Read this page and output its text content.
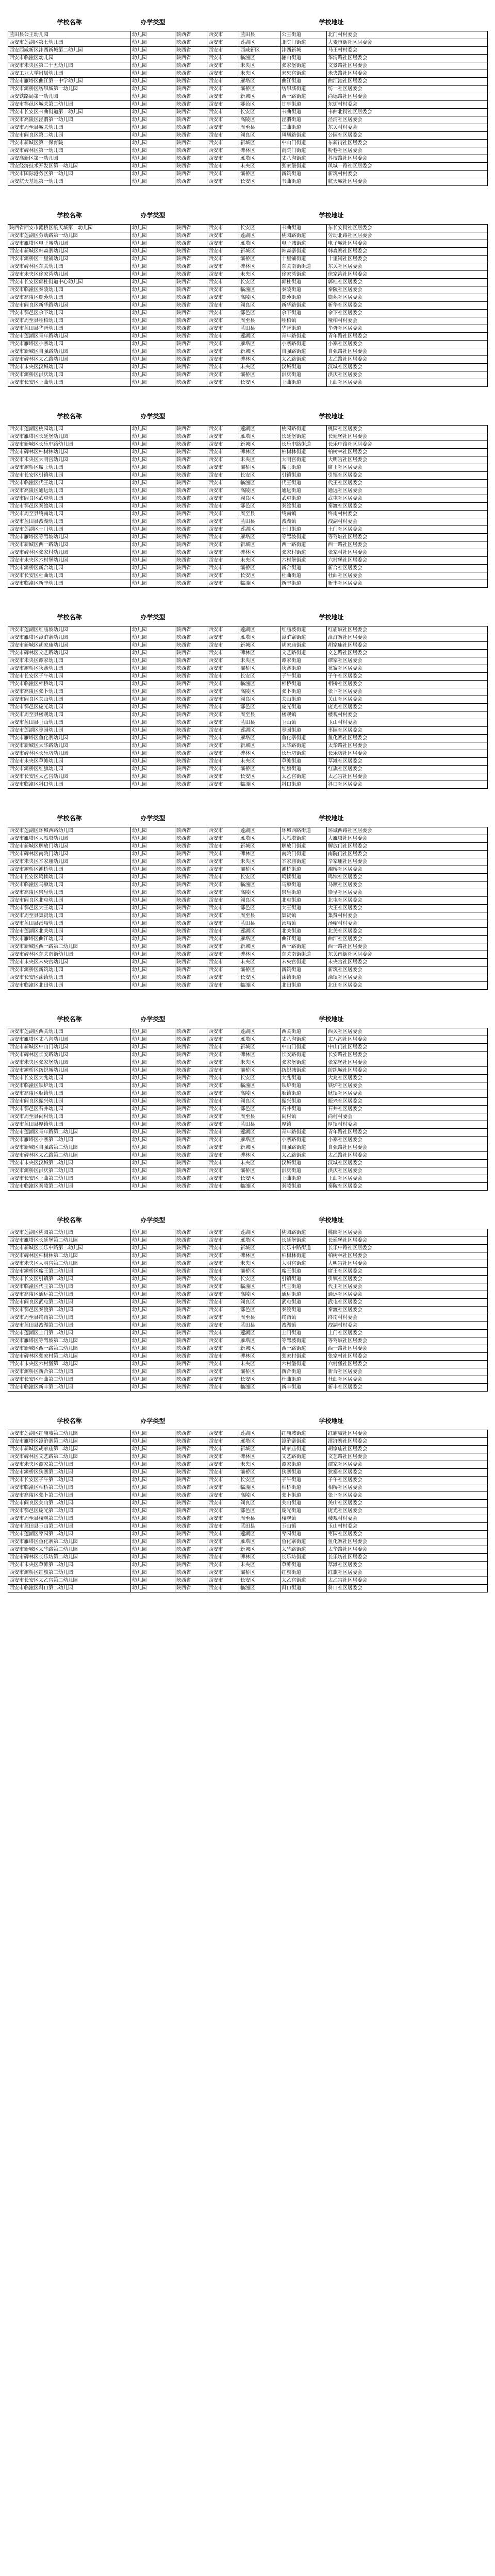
学校名称	办学类型	学校地址				
蓝田县公王幼儿园	幼儿园	陕西省	西安市	蓝田县	公王街道	北门村村委会
西安市莲湖区第七幼儿园	幼儿园	陕西省	西安市	莲湖区	北院门街道	大麦市街社区居委会
西安西咸新区沣西新城第二幼儿园	幼儿园	陕西省	西安市	西咸新区	沣西新城	马王村村委会
西安市临潼区幼儿园	幼儿园	陕西省	西安市	临潼区	骊山街道	华清路社区居委会
西安市未央区第二十五幼儿园	幼儿园	陕西省	西安市	未央区	张家堡街道	文景路社区居委会
西安工业大学附属幼儿园	幼儿园	陕西省	西安市	未央区	未央宫街道	未央路社区居委会
西安市雁塔区曲江第一中学幼儿园	幼儿园	陕西省	西安市	雁塔区	曲江街道	曲江池社区居委会
西安市灞桥区纺织城第一幼儿园	幼儿园	陕西省	西安市	灞桥区	纺织城街道	纺一社区居委会
西安铁路局第一幼儿园	幼儿园	陕西省	西安市	新城区	西一路街道	尚德路社区居委会
西安市鄠邑区城关第二幼儿园	幼儿园	陕西省	西安市	鄠邑区	甘亭街道	东街村村委会
西安市长安区韦曲街道第一幼儿园	幼儿园	陕西省	西安市	长安区	韦曲街道	韦曲北街社区居委会
西安市高陵区泾渭第一幼儿园	幼儿园	陕西省	西安市	高陵区	泾渭街道	泾渭社区居委会
西安市周至县城关幼儿园	幼儿园	陕西省	西安市	周至县	二曲街道	东关村村委会
西安市阎良区第二幼儿园	幼儿园	陕西省	西安市	阎良区	凤凰路街道	公园社区居委会
西安市新城区第一保育院	幼儿园	陕西省	西安市	新城区	中山门街道	东新街社区居委会
西安市碑林区第一幼儿园	幼儿园	陕西省	西安市	碑林区	南院门街道	粉巷社区居委会
西安高新区第一幼儿园	幼儿园	陕西省	西安市	雁塔区	丈八沟街道	科技路社区居委会
西安经济技术开发区第一幼儿园	幼儿园	陕西省	西安市	未央区	张家堡街道	凤城一路社区居委会
西安市国际港务区第一幼儿园	幼儿园	陕西省	西安市	灞桥区	新筑街道	新筑村村委会
西安航天基地第一幼儿园	幼儿园	陕西省	西安市	长安区	韦曲街道	航天城社区居委会
学校名称	办学类型	学校地址				
陕西省西安市灞桥区航天城第一幼儿园	幼儿园	陕西省	西安市	长安区	韦曲街道	东长安街社区居委会
西安市莲湖区劳动路第一幼儿园	幼儿园	陕西省	西安市	莲湖区	桃园路街道	劳动北路社区居委会
西安市雁塔区电子城幼儿园	幼儿园	陕西省	西安市	雁塔区	电子城街道	电子城社区居委会
西安市新城区韩森寨幼儿园	幼儿园	陕西省	西安市	新城区	韩森寨街道	韩森寨社区居委会
西安市灞桥区十里铺幼儿园	幼儿园	陕西省	西安市	灞桥区	十里铺街道	十里铺社区居委会
西安市碑林区东关幼儿园	幼儿园	陕西省	西安市	碑林区	东关南街街道	东关社区居委会
西安市未央区徐家湾幼儿园	幼儿园	陕西省	西安市	未央区	徐家湾街道	徐家湾社区居委会
西安市长安区郭杜街道中心幼儿园	幼儿园	陕西省	西安市	长安区	郭杜街道	郭杜社区居委会
西安市临潼区秦陵幼儿园	幼儿园	陕西省	西安市	临潼区	秦陵街道	秦陵社区居委会
西安市高陵区鹿苑幼儿园	幼儿园	陕西省	西安市	高陵区	鹿苑街道	鹿苑社区居委会
西安市阎良区新华路幼儿园	幼儿园	陕西省	西安市	阎良区	新华路街道	新华社区居委会
西安市鄠邑区余下幼儿园	幼儿园	陕西省	西安市	鄠邑区	余下街道	余下社区居委会
西安市周至县哑柏幼儿园	幼儿园	陕西省	西安市	周至县	哑柏镇	哑柏村村委会
西安市蓝田县华胥幼儿园	幼儿园	陕西省	西安市	蓝田县	华胥街道	华胥社区居委会
西安市莲湖区青年路幼儿园	幼儿园	陕西省	西安市	莲湖区	青年路街道	青年路社区居委会
西安市雁塔区小寨幼儿园	幼儿园	陕西省	西安市	雁塔区	小寨路街道	小寨社区居委会
西安市新城区自强路幼儿园	幼儿园	陕西省	西安市	新城区	自强路街道	自强路社区居委会
西安市碑林区太乙路幼儿园	幼儿园	陕西省	西安市	碑林区	太乙路街道	太乙路社区居委会
西安市未央区汉城幼儿园	幼儿园	陕西省	西安市	未央区	汉城街道	汉城社区居委会
西安市灞桥区洪庆幼儿园	幼儿园	陕西省	西安市	灞桥区	洪庆街道	洪庆社区居委会
西安市长安区王曲幼儿园	幼儿园	陕西省	西安市	长安区	王曲街道	王曲社区居委会
学校名称	办学类型	学校地址				
西安市莲湖区桃园幼儿园	幼儿园	陕西省	西安市	莲湖区	桃园路街道	桃园社区居委会
西安市雁塔区长延堡幼儿园	幼儿园	陕西省	西安市	雁塔区	长延堡街道	长延堡社区居委会
西安市新城区长乐中路幼儿园	幼儿园	陕西省	西安市	新城区	长乐中路街道	长乐中路社区居委会
西安市碑林区柏树林幼儿园	幼儿园	陕西省	西安市	碑林区	柏树林街道	柏树林社区居委会
西安市未央区大明宫幼儿园	幼儿园	陕西省	西安市	未央区	大明宫街道	大明宫社区居委会
西安市灞桥区席王幼儿园	幼儿园	陕西省	西安市	灞桥区	席王街道	席王社区居委会
西安市长安区引镇幼儿园	幼儿园	陕西省	西安市	长安区	引镇街道	引镇社区居委会
西安市临潼区代王幼儿园	幼儿园	陕西省	西安市	临潼区	代王街道	代王社区居委会
西安市高陵区通远幼儿园	幼儿园	陕西省	西安市	高陵区	通远街道	通远社区居委会
西安市阎良区武屯幼儿园	幼儿园	陕西省	西安市	阎良区	武屯街道	武屯社区居委会
西安市鄠邑区秦渡幼儿园	幼儿园	陕西省	西安市	鄠邑区	秦渡街道	秦渡社区居委会
西安市周至县终南幼儿园	幼儿园	陕西省	西安市	周至县	终南镇	终南村村委会
西安市蓝田县洩湖幼儿园	幼儿园	陕西省	西安市	蓝田县	洩湖镇	洩湖村村委会
西安市莲湖区土门幼儿园	幼儿园	陕西省	西安市	莲湖区	土门街道	土门社区居委会
西安市雁塔区等驾坡幼儿园	幼儿园	陕西省	西安市	雁塔区	等驾坡街道	等驾坡社区居委会
西安市新城区西一路幼儿园	幼儿园	陕西省	西安市	新城区	西一路街道	西一路社区居委会
西安市碑林区张家村幼儿园	幼儿园	陕西省	西安市	碑林区	张家村街道	张家村社区居委会
西安市未央区六村堡幼儿园	幼儿园	陕西省	西安市	未央区	六村堡街道	六村堡社区居委会
西安市灞桥区新合幼儿园	幼儿园	陕西省	西安市	灞桥区	新合街道	新合社区居委会
西安市长安区杜曲幼儿园	幼儿园	陕西省	西安市	长安区	杜曲街道	杜曲社区居委会
西安市临潼区新丰幼儿园	幼儿园	陕西省	西安市	临潼区	新丰街道	新丰社区居委会
学校名称	办学类型	学校地址				
西安市莲湖区红庙坡幼儿园	幼儿园	陕西省	西安市	莲湖区	红庙坡街道	红庙坡社区居委会
西安市雁塔区漳浒寨幼儿园	幼儿园	陕西省	西安市	雁塔区	漳浒寨街道	漳浒寨社区居委会
西安市新城区胡家庙幼儿园	幼儿园	陕西省	西安市	新城区	胡家庙街道	胡家庙社区居委会
西安市碑林区文艺路幼儿园	幼儿园	陕西省	西安市	碑林区	文艺路街道	文艺路社区居委会
西安市未央区谭家幼儿园	幼儿园	陕西省	西安市	未央区	谭家街道	谭家社区居委会
西安市灞桥区狄寨幼儿园	幼儿园	陕西省	西安市	灞桥区	狄寨街道	狄寨社区居委会
西安市长安区子午幼儿园	幼儿园	陕西省	西安市	长安区	子午街道	子午社区居委会
西安市临潼区相桥幼儿园	幼儿园	陕西省	西安市	临潼区	相桥街道	相桥社区居委会
西安市高陵区张卜幼儿园	幼儿园	陕西省	西安市	高陵区	张卜街道	张卜社区居委会
西安市阎良区关山幼儿园	幼儿园	陕西省	西安市	阎良区	关山街道	关山社区居委会
西安市鄠邑区庞光幼儿园	幼儿园	陕西省	西安市	鄠邑区	庞光街道	庞光社区居委会
西安市周至县楼观幼儿园	幼儿园	陕西省	西安市	周至县	楼观镇	楼观村村委会
西安市蓝田县玉山幼儿园	幼儿园	陕西省	西安市	蓝田县	玉山镇	玉山村村委会
西安市莲湖区枣园幼儿园	幼儿园	陕西省	西安市	莲湖区	枣园街道	枣园社区居委会
西安市雁塔区鱼化寨幼儿园	幼儿园	陕西省	西安市	雁塔区	鱼化寨街道	鱼化寨社区居委会
西安市新城区太华路幼儿园	幼儿园	陕西省	西安市	新城区	太华路街道	太华路社区居委会
西安市碑林区长乐坊幼儿园	幼儿园	陕西省	西安市	碑林区	长乐坊街道	长乐坊社区居委会
西安市未央区草滩幼儿园	幼儿园	陕西省	西安市	未央区	草滩街道	草滩社区居委会
西安市灞桥区红旗幼儿园	幼儿园	陕西省	西安市	灞桥区	红旗街道	红旗社区居委会
西安市长安区太乙宫幼儿园	幼儿园	陕西省	西安市	长安区	太乙宫街道	太乙宫社区居委会
西安市临潼区斜口幼儿园	幼儿园	陕西省	西安市	临潼区	斜口街道	斜口社区居委会
学校名称	办学类型	学校地址				
西安市莲湖区环城西路幼儿园	幼儿园	陕西省	西安市	莲湖区	环城西路街道	环城西路社区居委会
西安市雁塔区大雁塔幼儿园	幼儿园	陕西省	西安市	雁塔区	大雁塔街道	大雁塔社区居委会
西安市新城区解放门幼儿园	幼儿园	陕西省	西安市	新城区	解放门街道	解放门社区居委会
西安市碑林区南院门幼儿园	幼儿园	陕西省	西安市	碑林区	南院门街道	南院门社区居委会
西安市未央区辛家庙幼儿园	幼儿园	陕西省	西安市	未央区	辛家庙街道	辛家庙社区居委会
西安市灞桥区灞桥幼儿园	幼儿园	陕西省	西安市	灞桥区	灞桥街道	灞桥社区居委会
西安市长安区鸣犊幼儿园	幼儿园	陕西省	西安市	长安区	鸣犊街道	鸣犊社区居委会
西安市临潼区马额幼儿园	幼儿园	陕西省	西安市	临潼区	马额街道	马额社区居委会
西安市高陵区崇皇幼儿园	幼儿园	陕西省	西安市	高陵区	崇皇街道	崇皇社区居委会
西安市阎良区北屯幼儿园	幼儿园	陕西省	西安市	阎良区	北屯街道	北屯社区居委会
西安市鄠邑区大王幼儿园	幼儿园	陕西省	西安市	鄠邑区	大王街道	大王社区居委会
西安市周至县集贤幼儿园	幼儿园	陕西省	西安市	周至县	集贤镇	集贤村村委会
西安市蓝田县汤峪幼儿园	幼儿园	陕西省	西安市	蓝田县	汤峪镇	汤峪村村委会
西安市莲湖区北关幼儿园	幼儿园	陕西省	西安市	莲湖区	北关街道	北关社区居委会
西安市雁塔区曲江幼儿园	幼儿园	陕西省	西安市	雁塔区	曲江街道	曲江社区居委会
西安市新城区西一路第二幼儿园	幼儿园	陕西省	西安市	新城区	西一路街道	西一路社区居委会
西安市碑林区东关南街幼儿园	幼儿园	陕西省	西安市	碑林区	东关南街街道	东关南街社区居委会
西安市未央区未央宫幼儿园	幼儿园	陕西省	西安市	未央区	未央宫街道	未央宫社区居委会
西安市灞桥区新筑幼儿园	幼儿园	陕西省	西安市	灞桥区	新筑街道	新筑社区居委会
西安市长安区滦镇幼儿园	幼儿园	陕西省	西安市	长安区	滦镇街道	滦镇社区居委会
西安市临潼区北田幼儿园	幼儿园	陕西省	西安市	临潼区	北田街道	北田社区居委会
学校名称	办学类型	学校地址				
西安市莲湖区西关幼儿园	幼儿园	陕西省	西安市	莲湖区	西关街道	西关社区居委会
西安市雁塔区丈八沟幼儿园	幼儿园	陕西省	西安市	雁塔区	丈八沟街道	丈八沟社区居委会
西安市新城区中山门幼儿园	幼儿园	陕西省	西安市	新城区	中山门街道	中山门社区居委会
西安市碑林区长安路幼儿园	幼儿园	陕西省	西安市	碑林区	长安路街道	长安路社区居委会
西安市未央区张家堡幼儿园	幼儿园	陕西省	西安市	未央区	张家堡街道	张家堡社区居委会
西安市灞桥区纺织城幼儿园	幼儿园	陕西省	西安市	灞桥区	纺织城街道	纺织城社区居委会
西安市长安区大兆幼儿园	幼儿园	陕西省	西安市	长安区	大兆街道	大兆社区居委会
西安市临潼区铁炉幼儿园	幼儿园	陕西省	西安市	临潼区	铁炉街道	铁炉社区居委会
西安市高陵区耿镇幼儿园	幼儿园	陕西省	西安市	高陵区	耿镇街道	耿镇社区居委会
西安市阎良区振兴幼儿园	幼儿园	陕西省	西安市	阎良区	振兴街道	振兴社区居委会
西安市鄠邑区石井幼儿园	幼儿园	陕西省	西安市	鄠邑区	石井街道	石井社区居委会
西安市周至县尚村幼儿园	幼儿园	陕西省	西安市	周至县	尚村镇	尚村村委会
西安市蓝田县厚镇幼儿园	幼儿园	陕西省	西安市	蓝田县	厚镇	厚镇村村委会
西安市莲湖区青年路第二幼儿园	幼儿园	陕西省	西安市	莲湖区	青年路街道	青年路社区居委会
西安市雁塔区小寨第二幼儿园	幼儿园	陕西省	西安市	雁塔区	小寨路街道	小寨社区居委会
西安市新城区自强路第二幼儿园	幼儿园	陕西省	西安市	新城区	自强路街道	自强路社区居委会
西安市碑林区太乙路第二幼儿园	幼儿园	陕西省	西安市	碑林区	太乙路街道	太乙路社区居委会
西安市未央区汉城第二幼儿园	幼儿园	陕西省	西安市	未央区	汉城街道	汉城社区居委会
西安市灞桥区洪庆第二幼儿园	幼儿园	陕西省	西安市	灞桥区	洪庆街道	洪庆社区居委会
西安市长安区王曲第二幼儿园	幼儿园	陕西省	西安市	长安区	王曲街道	王曲社区居委会
西安市临潼区秦陵第二幼儿园	幼儿园	陕西省	西安市	临潼区	秦陵街道	秦陵社区居委会
学校名称	办学类型	学校地址				
西安市莲湖区桃园第二幼儿园	幼儿园	陕西省	西安市	莲湖区	桃园路街道	桃园社区居委会
西安市雁塔区长延堡第二幼儿园	幼儿园	陕西省	西安市	雁塔区	长延堡街道	长延堡社区居委会
西安市新城区长乐中路第二幼儿园	幼儿园	陕西省	西安市	新城区	长乐中路街道	长乐中路社区居委会
西安市碑林区柏树林第二幼儿园	幼儿园	陕西省	西安市	碑林区	柏树林街道	柏树林社区居委会
西安市未央区大明宫第二幼儿园	幼儿园	陕西省	西安市	未央区	大明宫街道	大明宫社区居委会
西安市灞桥区席王第二幼儿园	幼儿园	陕西省	西安市	灞桥区	席王街道	席王社区居委会
西安市长安区引镇第二幼儿园	幼儿园	陕西省	西安市	长安区	引镇街道	引镇社区居委会
西安市临潼区代王第二幼儿园	幼儿园	陕西省	西安市	临潼区	代王街道	代王社区居委会
西安市高陵区通远第二幼儿园	幼儿园	陕西省	西安市	高陵区	通远街道	通远社区居委会
西安市阎良区武屯第二幼儿园	幼儿园	陕西省	西安市	阎良区	武屯街道	武屯社区居委会
西安市鄠邑区秦渡第二幼儿园	幼儿园	陕西省	西安市	鄠邑区	秦渡街道	秦渡社区居委会
西安市周至县终南第二幼儿园	幼儿园	陕西省	西安市	周至县	终南镇	终南村村委会
西安市蓝田县洩湖第二幼儿园	幼儿园	陕西省	西安市	蓝田县	洩湖镇	洩湖村村委会
西安市莲湖区土门第二幼儿园	幼儿园	陕西省	西安市	莲湖区	土门街道	土门社区居委会
西安市雁塔区等驾坡第二幼儿园	幼儿园	陕西省	西安市	雁塔区	等驾坡街道	等驾坡社区居委会
西安市新城区西一路第三幼儿园	幼儿园	陕西省	西安市	新城区	西一路街道	西一路社区居委会
西安市碑林区张家村第二幼儿园	幼儿园	陕西省	西安市	碑林区	张家村街道	张家村社区居委会
西安市未央区六村堡第二幼儿园	幼儿园	陕西省	西安市	未央区	六村堡街道	六村堡社区居委会
西安市灞桥区新合第二幼儿园	幼儿园	陕西省	西安市	灞桥区	新合街道	新合社区居委会
西安市长安区杜曲第二幼儿园	幼儿园	陕西省	西安市	长安区	杜曲街道	杜曲社区居委会
西安市临潼区新丰第二幼儿园	幼儿园	陕西省	西安市	临潼区	新丰街道	新丰社区居委会
学校名称	办学类型	学校地址				
西安市莲湖区红庙坡第二幼儿园	幼儿园	陕西省	西安市	莲湖区	红庙坡街道	红庙坡社区居委会
西安市雁塔区漳浒寨第二幼儿园	幼儿园	陕西省	西安市	雁塔区	漳浒寨街道	漳浒寨社区居委会
西安市新城区胡家庙第二幼儿园	幼儿园	陕西省	西安市	新城区	胡家庙街道	胡家庙社区居委会
西安市碑林区文艺路第二幼儿园	幼儿园	陕西省	西安市	碑林区	文艺路街道	文艺路社区居委会
西安市未央区谭家第二幼儿园	幼儿园	陕西省	西安市	未央区	谭家街道	谭家社区居委会
西安市灞桥区狄寨第二幼儿园	幼儿园	陕西省	西安市	灞桥区	狄寨街道	狄寨社区居委会
西安市长安区子午第二幼儿园	幼儿园	陕西省	西安市	长安区	子午街道	子午社区居委会
西安市临潼区相桥第二幼儿园	幼儿园	陕西省	西安市	临潼区	相桥街道	相桥社区居委会
西安市高陵区张卜第二幼儿园	幼儿园	陕西省	西安市	高陵区	张卜街道	张卜社区居委会
西安市阎良区关山第二幼儿园	幼儿园	陕西省	西安市	阎良区	关山街道	关山社区居委会
西安市鄠邑区庞光第二幼儿园	幼儿园	陕西省	西安市	鄠邑区	庞光街道	庞光社区居委会
西安市周至县楼观第二幼儿园	幼儿园	陕西省	西安市	周至县	楼观镇	楼观村村委会
西安市蓝田县玉山第二幼儿园	幼儿园	陕西省	西安市	蓝田县	玉山镇	玉山村村委会
西安市莲湖区枣园第二幼儿园	幼儿园	陕西省	西安市	莲湖区	枣园街道	枣园社区居委会
西安市雁塔区鱼化寨第二幼儿园	幼儿园	陕西省	西安市	雁塔区	鱼化寨街道	鱼化寨社区居委会
西安市新城区太华路第二幼儿园	幼儿园	陕西省	西安市	新城区	太华路街道	太华路社区居委会
西安市碑林区长乐坊第二幼儿园	幼儿园	陕西省	西安市	碑林区	长乐坊街道	长乐坊社区居委会
西安市未央区草滩第二幼儿园	幼儿园	陕西省	西安市	未央区	草滩街道	草滩社区居委会
西安市灞桥区红旗第二幼儿园	幼儿园	陕西省	西安市	灞桥区	红旗街道	红旗社区居委会
西安市长安区太乙宫第二幼儿园	幼儿园	陕西省	西安市	长安区	太乙宫街道	太乙宫社区居委会
西安市临潼区斜口第二幼儿园	幼儿园	陕西省	西安市	临潼区	斜口街道	斜口社区居委会
